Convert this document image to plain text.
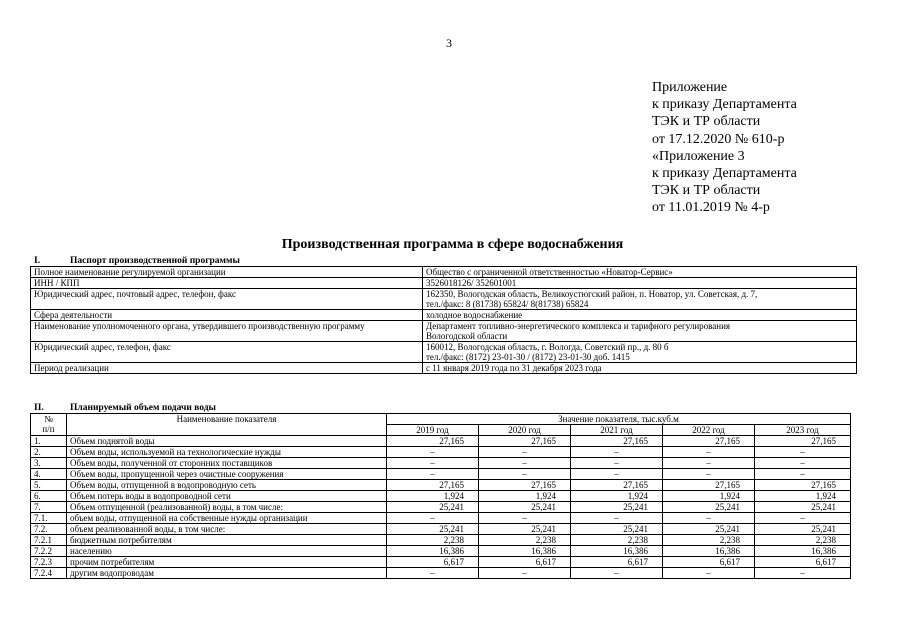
3
Приложение
к приказу Департамента
ТЭК и ТР области
от 17.12.2020 № 610-р
«Приложение 3
к приказу Департамента
ТЭК и ТР области
от 11.01.2019 № 4-р
Производственная программа в сфере водоснабжения
I.	Паспорт производственной программы
Полное наименование регулируемой организации	Общество с ограниченной ответственностью «Новатор-Сервис»

ИНН / КПП	3526018126/ 352601001

Юридический адрес, почтовый адрес, телефон, факс	162350, Вологодская область, Великоустюгский район, п. Новатор, ул. Советская, д. 7,
тел./факс: 8 (81738) 65824/ 8(81738) 65824

Сфера деятельности	холодное водоснабжение

Наименование уполномоченного органа, утвердившего производственную программу	Департамент топливно-энергетического комплекса и тарифного регулирования
Вологодской области

Юридический адрес, телефон, факс	160012, Вологодская область, г. Вологда, Советский пр., д. 80 б
тел./факс: (8172) 23-01-30 / (8172) 23-01-30 доб. 1415

Период реализации	с 11 января 2019 года по 31 декабря 2023 года
II.	Планируемый объем подачи воды
№
п/п	Наименование показателя	Значение показателя, тыс.куб.м				
		2019 год	2020 год	2021 год	2022 год	2023 год
1.	Объем поднятой воды	27,165	27,165	27,165	27,165	27,165
2.	Объем воды, используемой на технологические нужды	–	–	–	–	–
3.	Объем воды, полученной от сторонних поставщиков	–	–	–	–	–
4.	Объем воды, пропущенной через очистные сооружения	–	–	–	–	–
5.	Объем воды, отпущенной в водопроводную сеть	27,165	27,165	27,165	27,165	27,165
6.	Объем потерь воды в водопроводной сети	1,924	1,924	1,924	1,924	1,924
7.	Объем отпущенной (реализованной) воды, в том числе:	25,241	25,241	25,241	25,241	25,241
7.1.	объем воды, отпущенной на собственные нужды организации	–	–	–	–	–
7.2.	объем реализованной воды, в том числе:	25,241	25,241	25,241	25,241	25,241
7.2.1	бюджетным потребителям	2,238	2,238	2,238	2,238	2,238
7.2.2	населению	16,386	16,386	16,386	16,386	16,386
7.2.3	прочим потребителям	6,617	6,617	6,617	6,617	6,617
7.2.4	другим водопроводам	–	–	–	–	–
